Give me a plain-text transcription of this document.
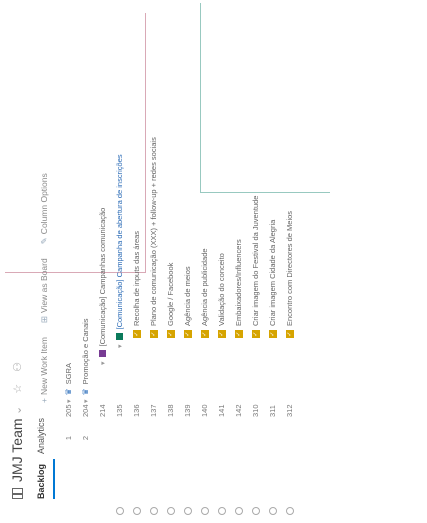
JMJ Team
⌄
☆
⚇
Backlog
Analytics
+New Work Item
⊞View as Board
✎Column Options
1
205
▾
♛
SGRA
2
204
▾
♛
Promoção e Canais
214
▾
[Comunicação] Campanhas comunicação
135
▾
[Comunicação] Campanha de abertura de inscrições
136
✓
Recolha de inputs das áreas
137
✓
Plano de comunicação (XXX) + follow-up + redes sociais
138
✓
Google / Facebook
139
✓
Agência de meios
140
✓
Agência de publicidade
141
✓
Validação do conceito
142
✓
Embaixadores/Influencers
310
✓
Criar imagem do Festival da Juventude
311
✓
Criar imagem Cidade da Alegria
312
✓
Encontro com Directores de Meios
